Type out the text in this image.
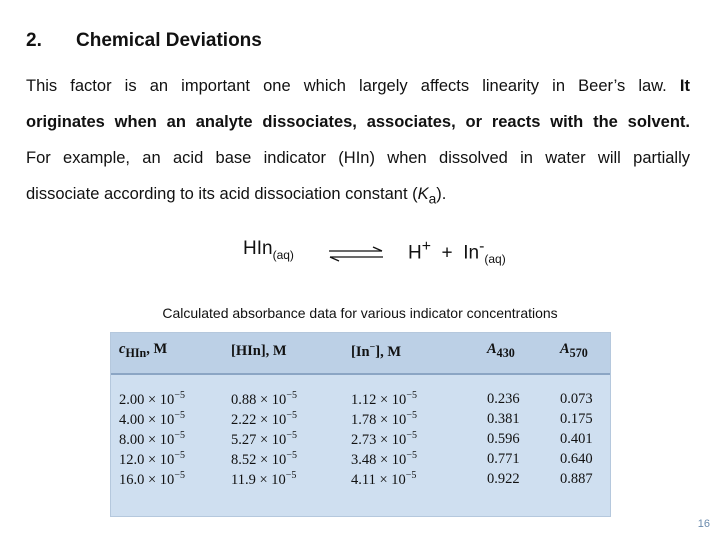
2. Chemical Deviations
This factor is an important one which largely affects linearity in Beer’s law. It
originates when an analyte dissociates, associates, or reacts with the solvent.
For example, an acid base indicator (HIn) when dissolved in water will partially
dissociate according to its acid dissociation constant $(K_a)$.
HIn$_{(aq)}$ ⇌ $H^+ + In^-_{(aq)}$
Calculated absorbance data for various indicator concentrations
$c_{HIn}$, M	[HIn], M	[In−], M	$A_{430}$	$A_{570}$
$2.00 \times 10^{-5}$	$0.88 \times 10^{-5}$	$1.12 \times 10^{-5}$	0.236	0.073
$4.00 \times 10^{-5}$	$2.22 \times 10^{-5}$	$1.78 \times 10^{-5}$	0.381	0.175
$8.00 \times 10^{-5}$	$5.27 \times 10^{-5}$	$2.73 \times 10^{-5}$	0.596	0.401
$12.0 \times 10^{-5}$	$8.52 \times 10^{-5}$	$3.48 \times 10^{-5}$	0.771	0.640
$16.0 \times 10^{-5}$	$11.9 \times 10^{-5}$	$4.11 \times 10^{-5}$	0.922	0.887
16
